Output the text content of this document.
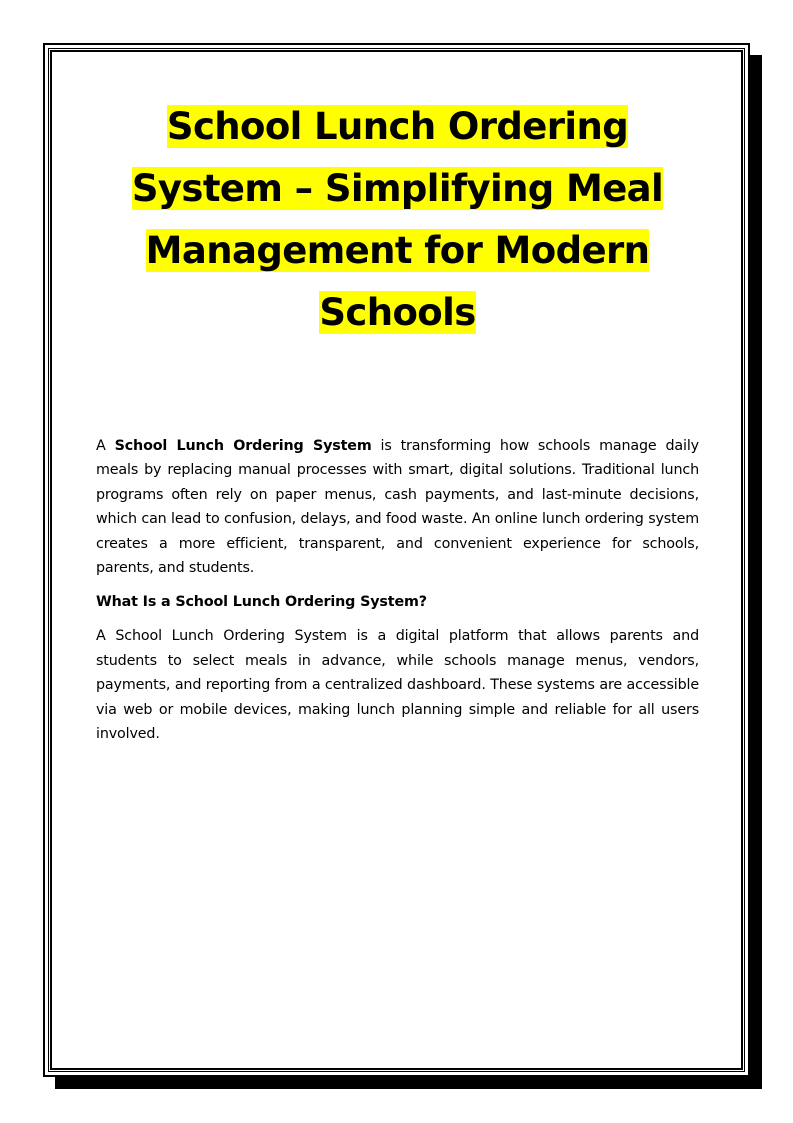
School Lunch Ordering System – Simplifying Meal Management for Modern Schools

A School Lunch Ordering System is transforming how schools manage daily meals by replacing manual processes with smart, digital solutions. Traditional lunch programs often rely on paper menus, cash payments, and last-minute decisions, which can lead to confusion, delays, and food waste. An online lunch ordering system creates a more efficient, transparent, and convenient experience for schools, parents, and students.

What Is a School Lunch Ordering System?

A School Lunch Ordering System is a digital platform that allows parents and students to select meals in advance, while schools manage menus, vendors, payments, and reporting from a centralized dashboard. These systems are accessible via web or mobile devices, making lunch planning simple and reliable for all users involved.
